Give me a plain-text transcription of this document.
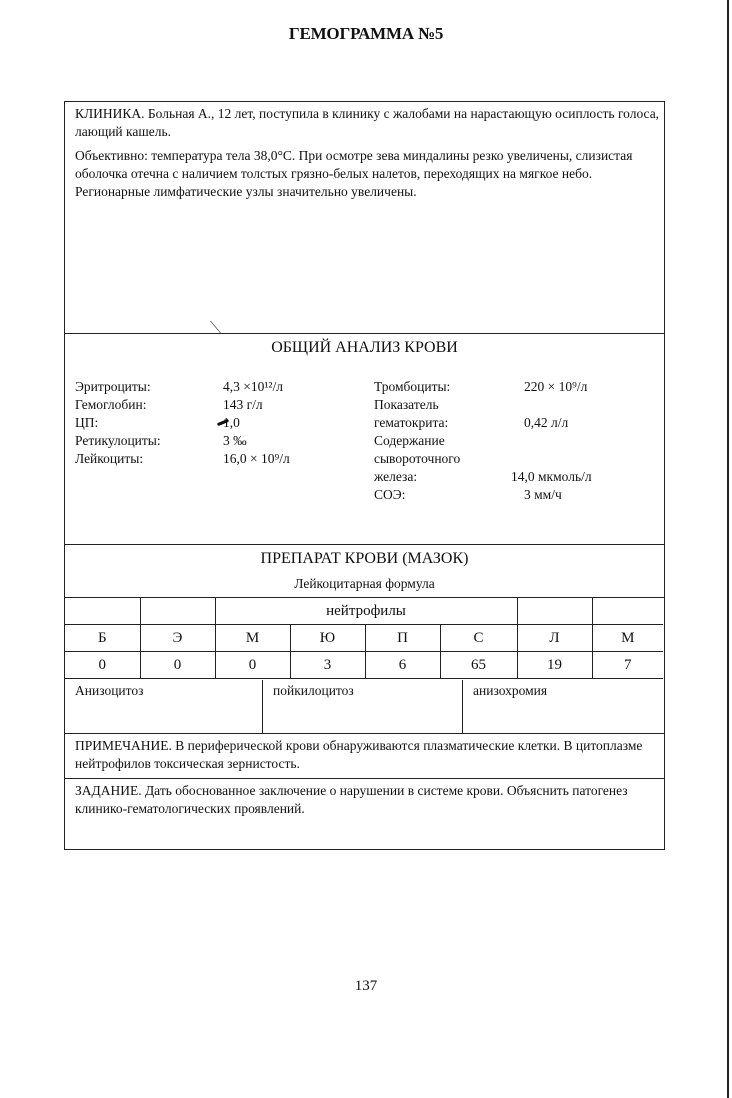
ГЕМОГРАММА №5

КЛИНИКА. Больная А., 12 лет, поступила в клинику с жалобами на нарастающую осиплость голоса, лающий кашель.

Объективно: температура тела 38,0°С. При осмотре зева миндалины резко увеличены, слизистая оболочка отечна с наличием толстых грязно-белых налетов, переходящих на мягкое небо. Регионарные лимфатические узлы значительно увеличены.

ОБЩИЙ АНАЛИЗ КРОВИ
Эритроциты:	4,3 ×10¹²/л
Гемоглобин:	143 г/л
ЦП:	1,0
Ретикулоциты:	3 ‰
Лейкоциты:	16,0 × 10⁹/л
Тромбоциты:	220 × 10⁹/л
Показатель
гематокрита:	0,42 л/л
Содержание
сывороточного
железа:	14,0 мкмоль/л
СОЭ:	3 мм/ч
ПРЕПАРАТ КРОВИ (МАЗОК)
Лейкоцитарная формула
		нейтрофилы					
Б	Э	М	Ю	П	С	Л	М
0	0	0	3	6	65	19	7
Анизоцитоз	пойкилоцитоз	анизохромия
ПРИМЕЧАНИЕ. В периферической крови обнаруживаются плазматические клетки. В цитоплазме нейтрофилов токсическая зернистость.
ЗАДАНИЕ. Дать обоснованное заключение о нарушении в системе крови. Объяснить патогенез клинико-гематологических проявлений.
137
